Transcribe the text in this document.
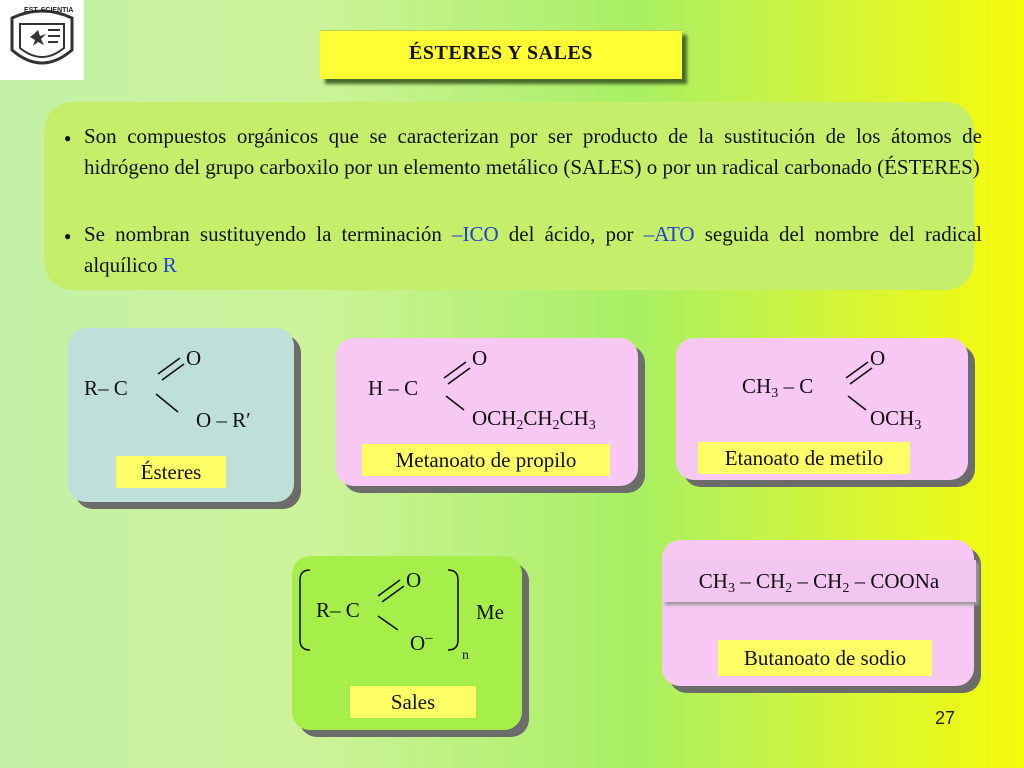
EST. SCIENTIA
ÉSTERES Y SALES
● Son compuestos orgánicos que se caracterizan por ser producto de la sustitución de los átomos de hidrógeno del grupo carboxilo por un elemento metálico (SALES) o por un radical carbonado (ÉSTERES)
● Se nombran sustituyendo la terminación –ICO del ácido, por –ATO seguida del nombre del radical alquílico R
O
R– C
O – R′
Ésteres
O
H – C
$OCH_2CH_2CH_3$
Metanoato de propilo
O
$CH_3$ – C
$OCH_3$
Etanoato de metilo
O
R– C
O–
Me
n
Sales
$CH_3 - CH_2 - CH_2$ – COONa
Butanoato de sodio
27
